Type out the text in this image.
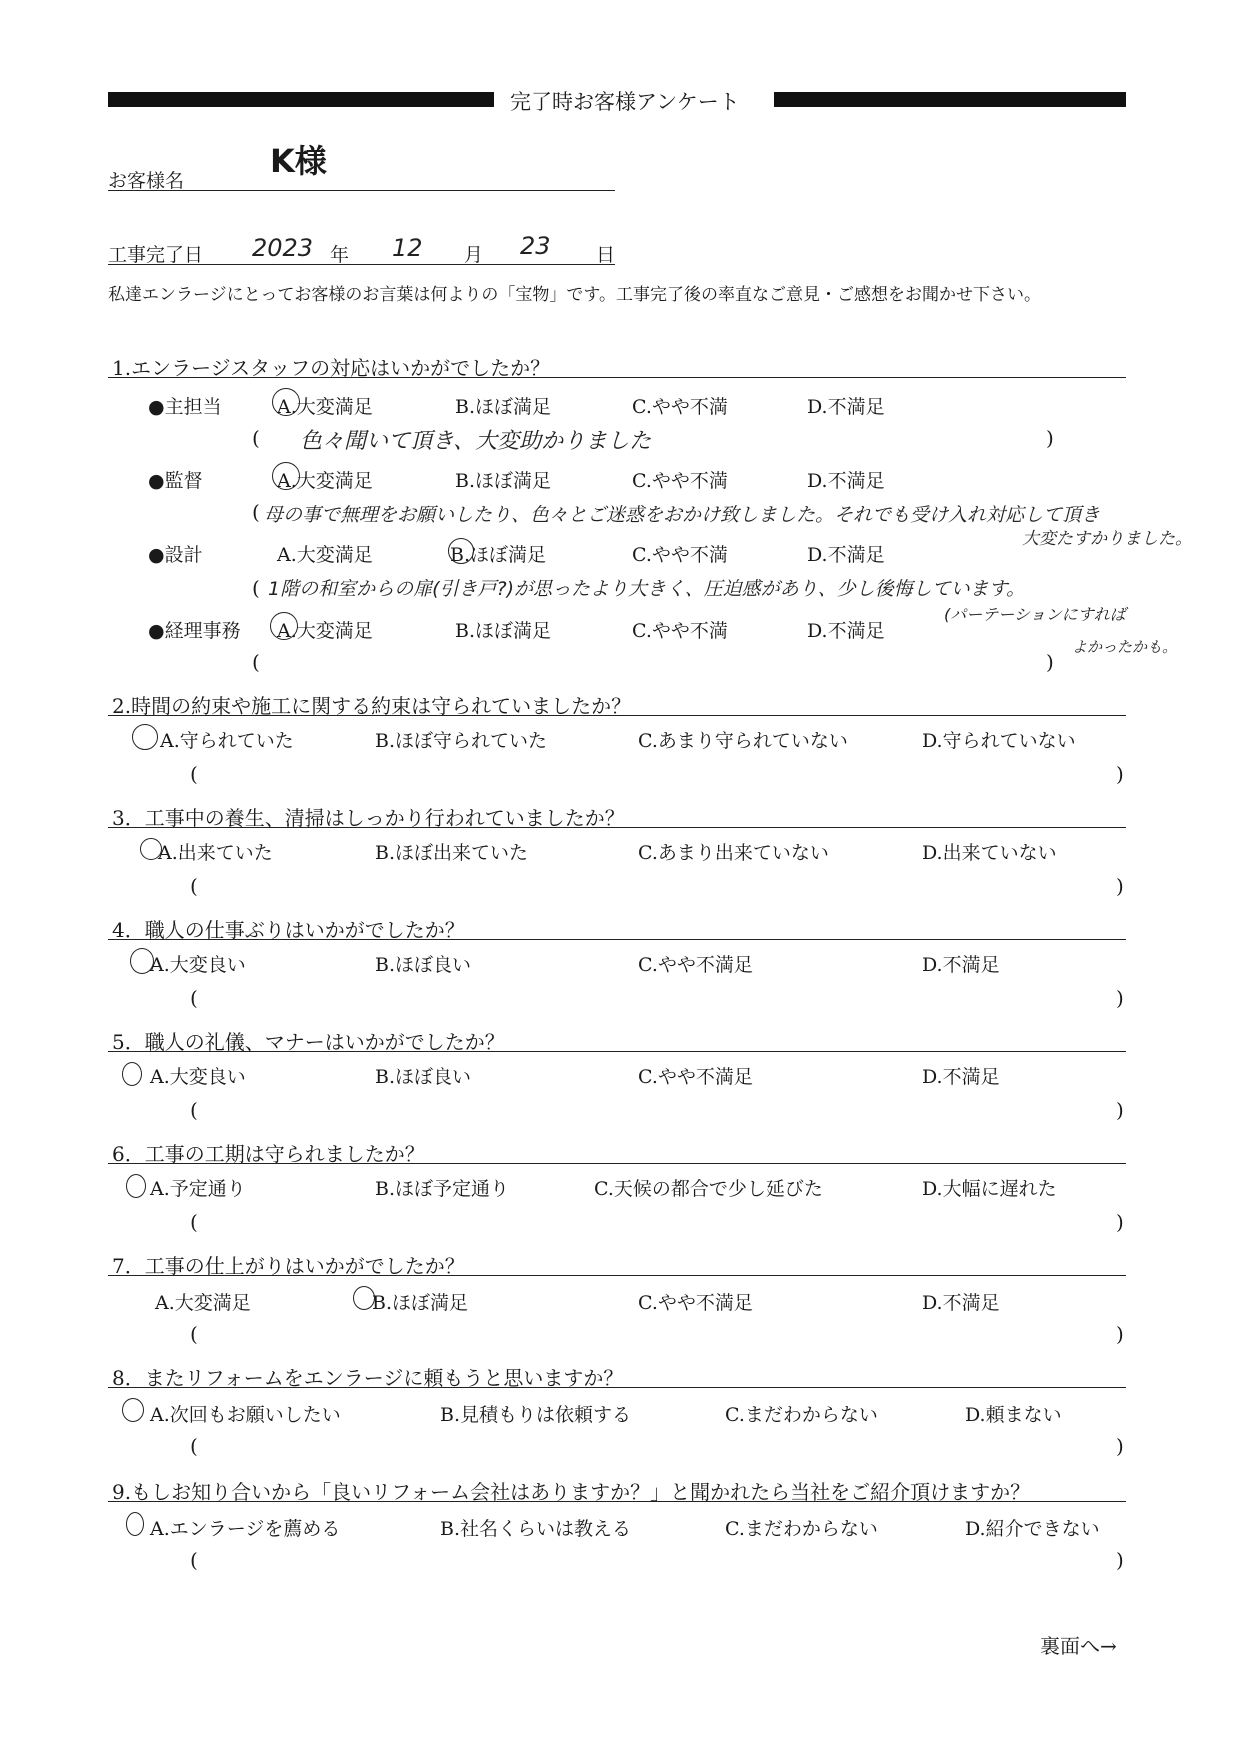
完了時お客様アンケート
お客様名
K様
工事完了日 2023 年 12 月 23 日
私達エンラージにとってお客様のお言葉は何よりの「宝物」です。工事完了後の率直なご意見・ご感想をお聞かせ下さい。
1.エンラージスタッフの対応はいかがでしたか？
●主担当	A.大変満足	B.ほぼ満足	C.やや不満	D.不満足
( 色々聞いて頂き、大変助かりました	)
●監督	A.大変満足	B.ほぼ満足	C.やや不満	D.不満足
( 母の事で無理をお願いしたり、色々とご迷惑をおかけ致しました。それでも受け入れ対応して頂き
大変たすかりました。
●設計	A.大変満足	B.ほぼ満足	C.やや不満	D.不満足
( 1階の和室からの扉(引き戸?)が思ったより大きく、圧迫感があり、少し後悔しています。
(パーテーションにすれば
よかったかも。
●経理事務 A.大変満足	B.ほぼ満足	C.やや不満	D.不満足
(	)
2.時間の約束や施工に関する約束は守られていましたか？
A.守られていた	B.ほぼ守られていた	C.あまり守られていない	D.守られていない
(	)
3．工事中の養生、清掃はしっかり行われていましたか？
A.出来ていた	B.ほぼ出来ていた	C.あまり出来ていない	D.出来ていない
(	)
4．職人の仕事ぶりはいかがでしたか？
A.大変良い	B.ほぼ良い	C.やや不満足	D.不満足
(	)
5．職人の礼儀、マナーはいかがでしたか？
A.大変良い	B.ほぼ良い	C.やや不満足	D.不満足
(	)
6．工事の工期は守られましたか？
A.予定通り	B.ほぼ予定通り	C.天候の都合で少し延びた	D.大幅に遅れた
(	)
7．工事の仕上がりはいかがでしたか？
A.大変満足	B.ほぼ満足	C.やや不満足	D.不満足
(	)
8．またリフォームをエンラージに頼もうと思いますか？
A.次回もお願いしたい	B.見積もりは依頼する	C.まだわからない	D.頼まない
(	)
9.もしお知り合いから「良いリフォーム会社はありますか？」と聞かれたら当社をご紹介頂けますか？
A.エンラージを薦める	B.社名くらいは教える	C.まだわからない	D.紹介できない
(	)
裏面へ→
